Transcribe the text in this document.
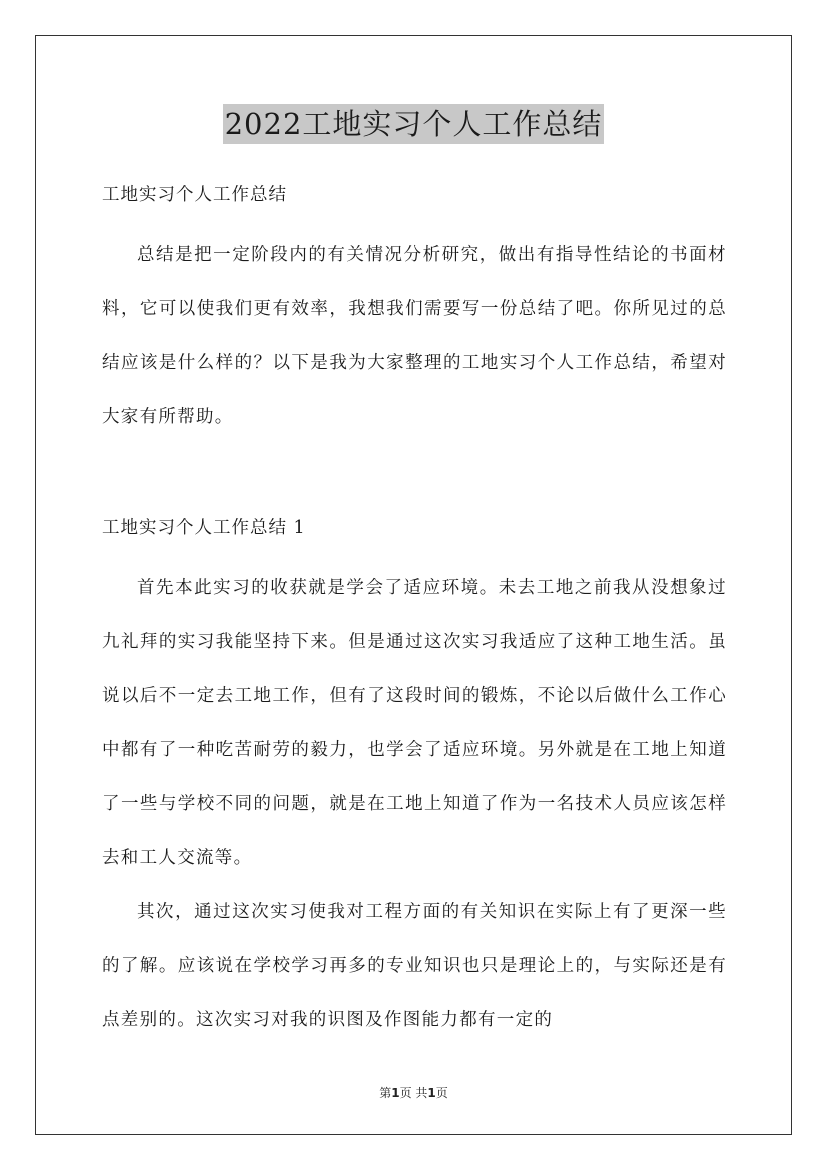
2022工地实习个人工作总结

工地实习个人工作总结

总结是把一定阶段内的有关情况分析研究，做出有指导性结论的书面材料，它可以使我们更有效率，我想我们需要写一份总结了吧。你所见过的总结应该是什么样的？以下是我为大家整理的工地实习个人工作总结，希望对大家有所帮助。

工地实习个人工作总结 1

首先本此实习的收获就是学会了适应环境。未去工地之前我从没想象过九礼拜的实习我能坚持下来。但是通过这次实习我适应了这种工地生活。虽说以后不一定去工地工作，但有了这段时间的锻炼，不论以后做什么工作心中都有了一种吃苦耐劳的毅力，也学会了适应环境。另外就是在工地上知道了一些与学校不同的问题，就是在工地上知道了作为一名技术人员应该怎样去和工人交流等。

其次，通过这次实习使我对工程方面的有关知识在实际上有了更深一些的了解。应该说在学校学习再多的专业知识也只是理论上的，与实际还是有点差别的。这次实习对我的识图及作图能力都有一定的

第1页 共1页
